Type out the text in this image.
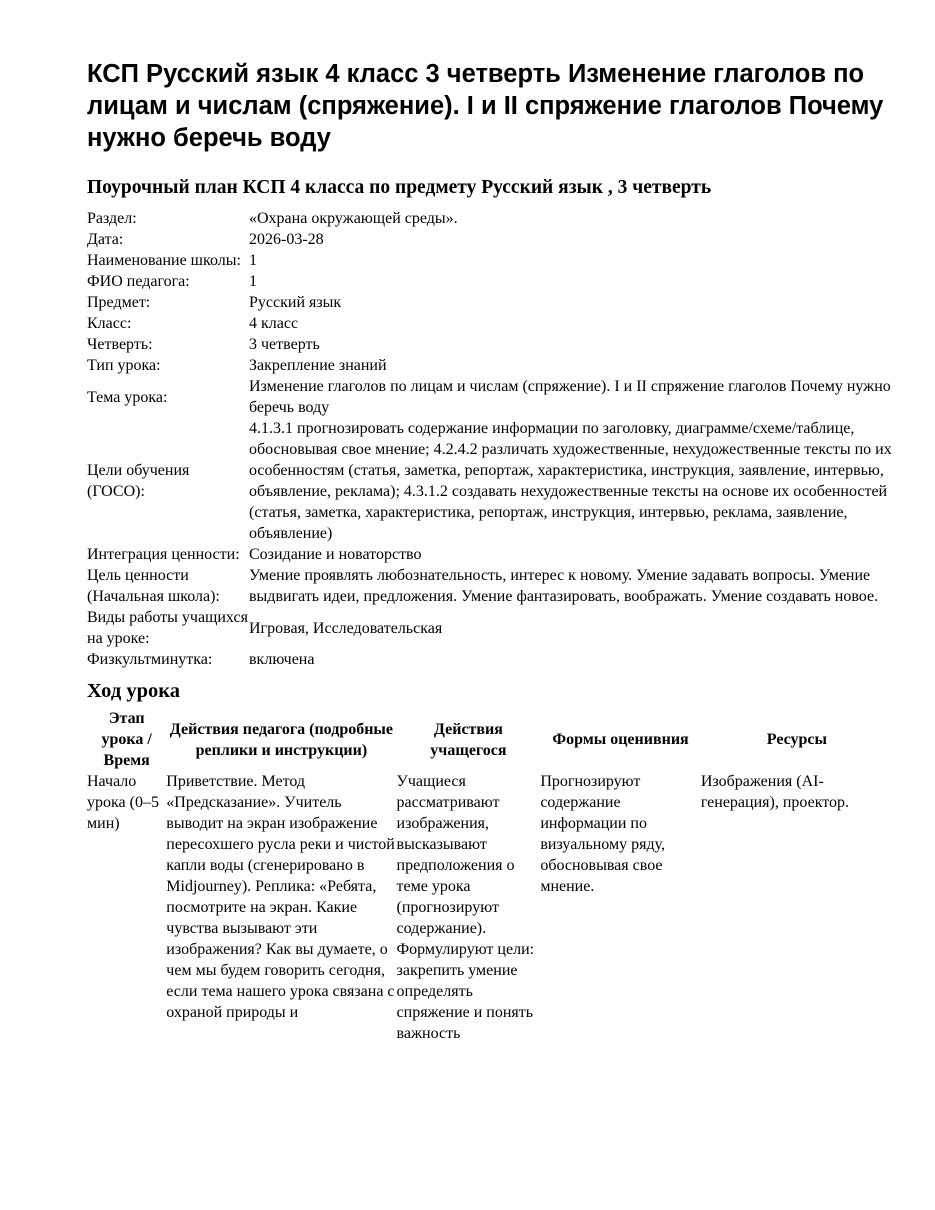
КСП Русский язык 4 класс 3 четверть Изменение глаголов по лицам и числам (спряжение). I и II спряжение глаголов Почему нужно беречь воду
Поурочный план КСП 4 класса по предмету Русский язык , 3 четверть
Раздел:	«Охрана окружающей среды».
Дата:	2026-03-28
Наименование школы:	1
ФИО педагога:	1
Предмет:	Русский язык
Класс:	4 класс
Четверть:	3 четверть
Тип урока:	Закрепление знаний
Тема урока:	Изменение глаголов по лицам и числам (спряжение). I и II спряжение глаголов Почему нужно беречь воду
Цели обучения (ГОСО):	4.1.3.1 прогнозировать содержание информации по заголовку, диаграмме/схеме/таблице, обосновывая свое мнение; 4.2.4.2 различать художественные, нехудожественные тексты по их особенностям (статья, заметка, репортаж, характеристика, инструкция, заявление, интервью, объявление, реклама); 4.3.1.2 создавать нехудожественные тексты на основе их особенностей (статья, заметка, характеристика, репортаж, инструкция, интервью, реклама, заявление, объявление)
Интеграция ценности:	Созидание и новаторство
Цель ценности (Начальная школа):	Умение проявлять любознательность, интерес к новому. Умение задавать вопросы. Умение выдвигать идеи, предложения. Умение фантазировать, воображать. Умение создавать новое.
Виды работы учащихся на уроке:	Игровая, Исследовательская
Физкультминутка:	включена
Ход урока
Этап урока / Время	Действия педагога (подробные реплики и инструкции)	Действия учащегося	Формы оценивния	Ресурсы
Начало урока (0–5 мин)	Приветствие. Метод «Предсказание». Учитель выводит на экран изображение пересохшего русла реки и чистой капли воды (сгенерировано в Midjourney). Реплика: «Ребята, посмотрите на экран. Какие чувства вызывают эти изображения? Как вы думаете, о чем мы будем говорить сегодня, если тема нашего урока связана с охраной природы и	Учащиеся рассматривают изображения, высказывают предположения о теме урока (прогнозируют содержание). Формулируют цели: закрепить умение определять спряжение и понять важность	Прогнозируют содержание информации по визуальному ряду, обосновывая свое мнение.	Изображения (AI-генерация), проектор.
